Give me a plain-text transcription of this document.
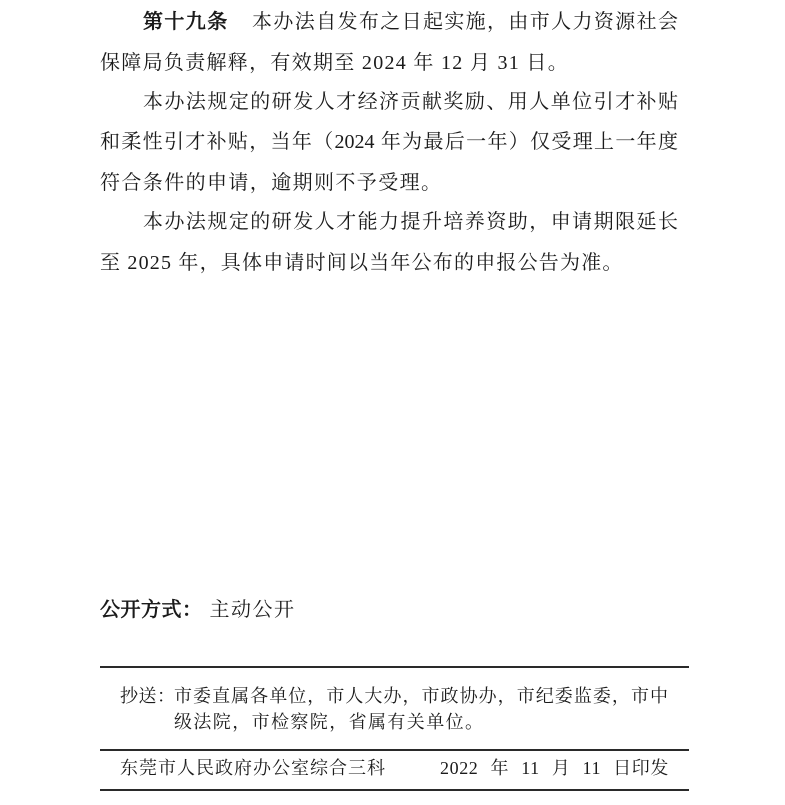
第十九条 本办法自发布之日起实施，由市人力资源社会
保障局负责解释，有效期至 2024 年 12 月 31 日。
本办法规定的研发人才经济贡献奖励、用人单位引才补贴
和柔性引才补贴，当年（2024 年为最后一年）仅受理上一年度
符合条件的申请，逾期则不予受理。
本办法规定的研发人才能力提升培养资助，申请期限延长
至 2025 年，具体申请时间以当年公布的申报公告为准。
公开方式： 主动公开
抄送：
市委直属各单位，市人大办，市政协办，市纪委监委，市中
级法院，市检察院，省属有关单位。
东莞市人民政府办公室综合三科	2022 年 11 月 11 日印发
